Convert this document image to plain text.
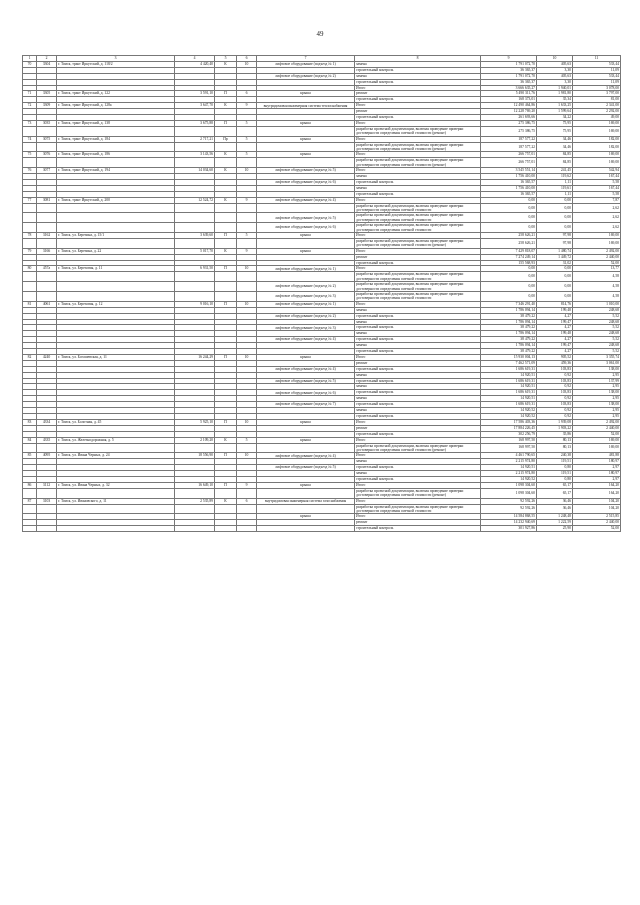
49
1	2	3	4	5	6	7	8	9	10	11
70	3304	г. Томск, тракт Иркутский, д. 118/2	4 420,40	К	10	лифтовое оборудование (подъезд № 1)	замена	1 791 072,70	405,63	533,44
							строительный контроль	36 365,37	3,30	11,09
						лифтовое оборудование (подъезд № 2)	замена	1 791 072,70	405,63	533,44
							строительный контроль	36 365,37	3,30	11,09
							Итого	3 666 635,27	1 940,01	3 078,00
71	3305	г. Томск, тракт Иркутский, д. 122	3 591,10	П	6	крыша	ремонт	5 490 311,76	1 981,80	3 797,00
							строительный контроль	168 373,01	35,34	81,00
72	3309	г. Томск, тракт Иркутский, д. 128а	3 647,70	К	9	внутридомовая инженерная система теплоснабжения	Итого	12 490 464,86	1 633,25	2 341,00
							ремонт	12 228 769,20	1 599,64	2 292,00
							строительный контроль	261 693,66	34,22	49,00
73	3035	г. Томск, тракт Иркутский, д. 138	3 675,88	П	5	крыша	Итого	275 386,75	75,95	169,00
							разработка проектной документации, включая проведение проверки достоверности определения сметной стоимости (ремонт)	275 386,75	75,95	169,00
74	3075	г. Томск, тракт Иркутский, д. 184	2 717,21	Пр	5	крыша	Итого	187 577,22	34,46	182,00
							разработка проектной документации, включая проведение проверки достоверности определения сметной стоимости (ремонт)	187 577,22	34,46	182,00
75	3076	г. Томск, тракт Иркутский, д. 186	3 143,56	К	5	крыша	Итого	266 757,01	84,85	169,00
							разработка проектной документации, включая проведение проверки достоверности определения сметной стоимости (ремонт)	266 757,01	84,85	169,00
76	3077	г. Томск, тракт Иркутский, д. 194	14 034,60	К	10	лифтовое оборудование (подъезд № 5)	Итого	3 545 551,14	241,45	542,94
							замена	1 756 410,00	119,62	167,44
						лифтовое оборудование (подъезд № 6)	строительный контроль	16 365,57	1,11	5,58
							замена	1 756 410,00	119,61	167,44
							строительный контроль	16 365,57	1,11	5,58
77	3081	г. Томск, тракт Иркутский, д. 200	12 524,72	К	9	лифтовое оборудование (подъезд № 4)	Итого	0,00	0,00	7,87
							разработка проектной документации, включая проведение проверки достоверности определения сметной стоимости	0,00	0,00	2,62
						лифтовое оборудование (подъезд № 5)	разработка проектной документации, включая проведение проверки достоверности определения сметной стоимости	0,00	0,00	2,62
						лифтовое оборудование (подъезд № 6)	разработка проектной документации, включая проведение проверки достоверности определения сметной стоимости	0,00	0,00	2,62
78	3162	г. Томск, ул. Березина, д. 15/1	3 639,60	П	5	крыша	Итого	258 626,21	97,98	169,00
							разработка проектной документации, включая проведение проверки достоверности определения сметной стоимости (ремонт)	258 626,21	97,98	169,00
79	3166	г. Томск, ул. Березина, д. 22	5 017,70	К	9	крыша	Итого	7 429 818,07	1 480,74	2 492,00
							ремонт	7 274 249,14	1 449,72	2 440,00
							строительный контроль	155 568,93	31,02	52,00
80	457а	г. Томск, ул. Березовая, д. 11	6 931,50	П	10	лифтовое оборудование (подъезд № 1)	Итого	0,00	0,00	13,77
							разработка проектной документации, включая проведение проверки достоверности определения сметной стоимости	0,00	0,00	4,58
						лифтовое оборудование (подъезд № 2)	разработка проектной документации, включая проведение проверки достоверности определения сметной стоимости	0,00	0,00	4,58
						лифтовое оборудование (подъезд № 3)	разработка проектной документации, включая проведение проверки достоверности определения сметной стоимости	0,00	0,00	4,58
81	4061	г. Томск, ул. Березовая, д. 12	9 016,10	П	10	лифтовое оборудование (подъезд № 1)	Итого	7 346 291,40	814,76	1 010,00
							замена	1 786 094,14	199,48	248,68
						лифтовое оборудование (подъезд № 2)	строительный контроль	38 479,22	4,27	5,52
							замена	1 786 094,14	199,47	248,68
						лифтовое оборудование (подъезд № 3)	строительный контроль	38 479,22	4,27	5,52
							замена	1 786 094,14	199,48	248,68
						лифтовое оборудование (подъезд № 4)	строительный контроль	38 479,22	4,27	5,52
							замена	1 786 094,14	199,47	248,68
							строительный контроль	38 479,22	4,27	5,52
82	4240	г. Томск, ул. Богашевская, д. 11	16 244,29	П	10	крыша	Итого	15 930 004,13	905,52	3 355,74
							ремонт	7 462 571,09	459,36	3 061,00
						лифтовое оборудование (подъезд № 4)	строительный контроль	1 686 619,31	103,83	138,00
							замена	14 920,51	0,92	2,95
						лифтовое оборудование (подъезд № 5)	строительный контроль	1 686 619,31	103,83	137,99
							замена	14 920,51	0,92	2,95
						лифтовое оборудование (подъезд № 6)	строительный контроль	1 686 619,31	103,83	138,00
							замена	14 920,51	0,92	2,95
						лифтовое оборудование (подъезд № 7)	строительный контроль	1 686 619,31	103,83	138,00
							замена	14 920,52	0,92	2,95
							строительный контроль	14 920,52	0,92	2,95
83	4334	г. Томск, ул. Болотная, д. 45	5 925,10	П	10	крыша	Итого	17 586 403,36	1 939,08	2 492,00
							ремонт	17 884 226,45	1 903,22	2 440,00
							строительный контроль	302 256,79	35,86	52,00
84	4335	г. Томск, ул. Железнодорожная, д. 5	2 109,20	К	5	крыша	Итого	168 997,50	80,13	169,00
							разработка проектной документации, включая проведение проверки достоверности определения сметной стоимости (ремонт)	168 997,50	80,13	169,00
85	4095	г. Томск, ул. Ивана Черных, д. 24	18 556,90	П	10	лифтовое оборудование (подъезд № 4)	Итого	4 461 790,65	240,38	481,88
							замена	2 215 974,80	119,51	180,97
						лифтовое оборудование (подъезд № 5)	строительный контроль	14 920,51	0,80	2,97
							замена	2 215 974,80	119,51	180,97
							строительный контроль	14 920,52	0,80	2,97
86	3112	г. Томск, ул. Ивана Черных, д. 32	16 649,10	П	9	крыша	Итого	1 098 304,60	65,17	164,20
							разработка проектной документации, включая проведение проверки достоверности определения сметной стоимости (ремонт)	1 098 304,60	65,17	164,20
87	3103	г. Томск, ул. Ивановского, д. 11	2 535,89	К	6	внутридомовая инженерная система газоснабжения	Итого	92 592,26	36,46	104,20
							разработка проектной документации, включая проведение проверки достоверности определения сметной стоимости	92 592,26	36,46	104,20
						крыша	Итого	14 584 868,55	1 248,48	2 515,85
							ремонт	14 232 940,69	1 222,59	2 440,00
							строительный контроль	301 927,86	25,90	52,00
